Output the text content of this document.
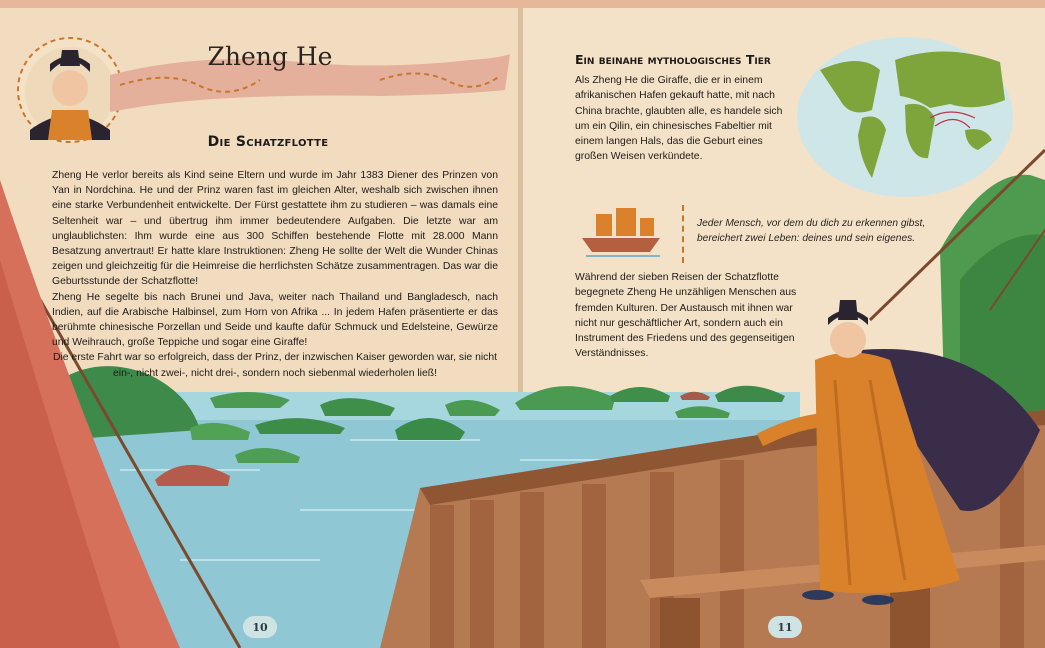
Zheng He
Die Schatzflotte

Zheng He verlor bereits als Kind seine Eltern und wurde im Jahr 1383 Diener des Prinzen von Yan in Nordchina. He und der Prinz waren fast im gleichen Alter, weshalb sich zwischen ihnen eine starke Verbundenheit entwickelte. Der Fürst gestattete ihm zu studieren – was damals eine Seltenheit war – und übertrug ihm immer bedeutendere Aufgaben. Die letzte war am unglaublichsten: Ihm wurde eine aus 300 Schiffen bestehende Flotte mit 28.000 Mann Besatzung anvertraut! Er hatte klare Instruktionen: Zheng He sollte der Welt die Wunder Chinas zeigen und gleichzeitig für die Heimreise die herrlichsten Schätze zusammentragen. Das war die Geburtsstunde der Schatzflotte!

Zheng He segelte bis nach Brunei und Java, weiter nach Thailand und Bangladesch, nach Indien, auf die Arabische Halbinsel, zum Horn von Afrika ... In jedem Hafen präsentierte er das berühmte chinesische Porzellan und Seide und kaufte dafür Schmuck und Edelsteine, Gewürze und Weihrauch, große Teppiche und sogar eine Giraffe!

Die erste Fahrt war so erfolgreich, dass der Prinz, der inzwischen Kaiser geworden war, sie nicht ein-, nicht zwei-, nicht drei-, sondern noch siebenmal wiederholen ließ!

10
Ein beinahe mythologisches Tier
Als Zheng He die Giraffe, die er in einem afrikanischen Hafen gekauft hatte, mit nach China brachte, glaubten alle, es handele sich um ein Qilin, ein chinesisches Fabeltier mit einem langen Hals, das die Geburt eines großen Weisen verkündete.
Jeder Mensch, vor dem du dich zu erkennen gibst, bereichert zwei Leben: deines und sein eigenes.
Während der sieben Reisen der Schatzflotte begegnete Zheng He unzähligen Menschen aus fremden Kulturen. Der Austausch mit ihnen war nicht nur geschäftlicher Art, sondern auch ein Instrument des Friedens und des gegenseitigen Verständnisses.
11
